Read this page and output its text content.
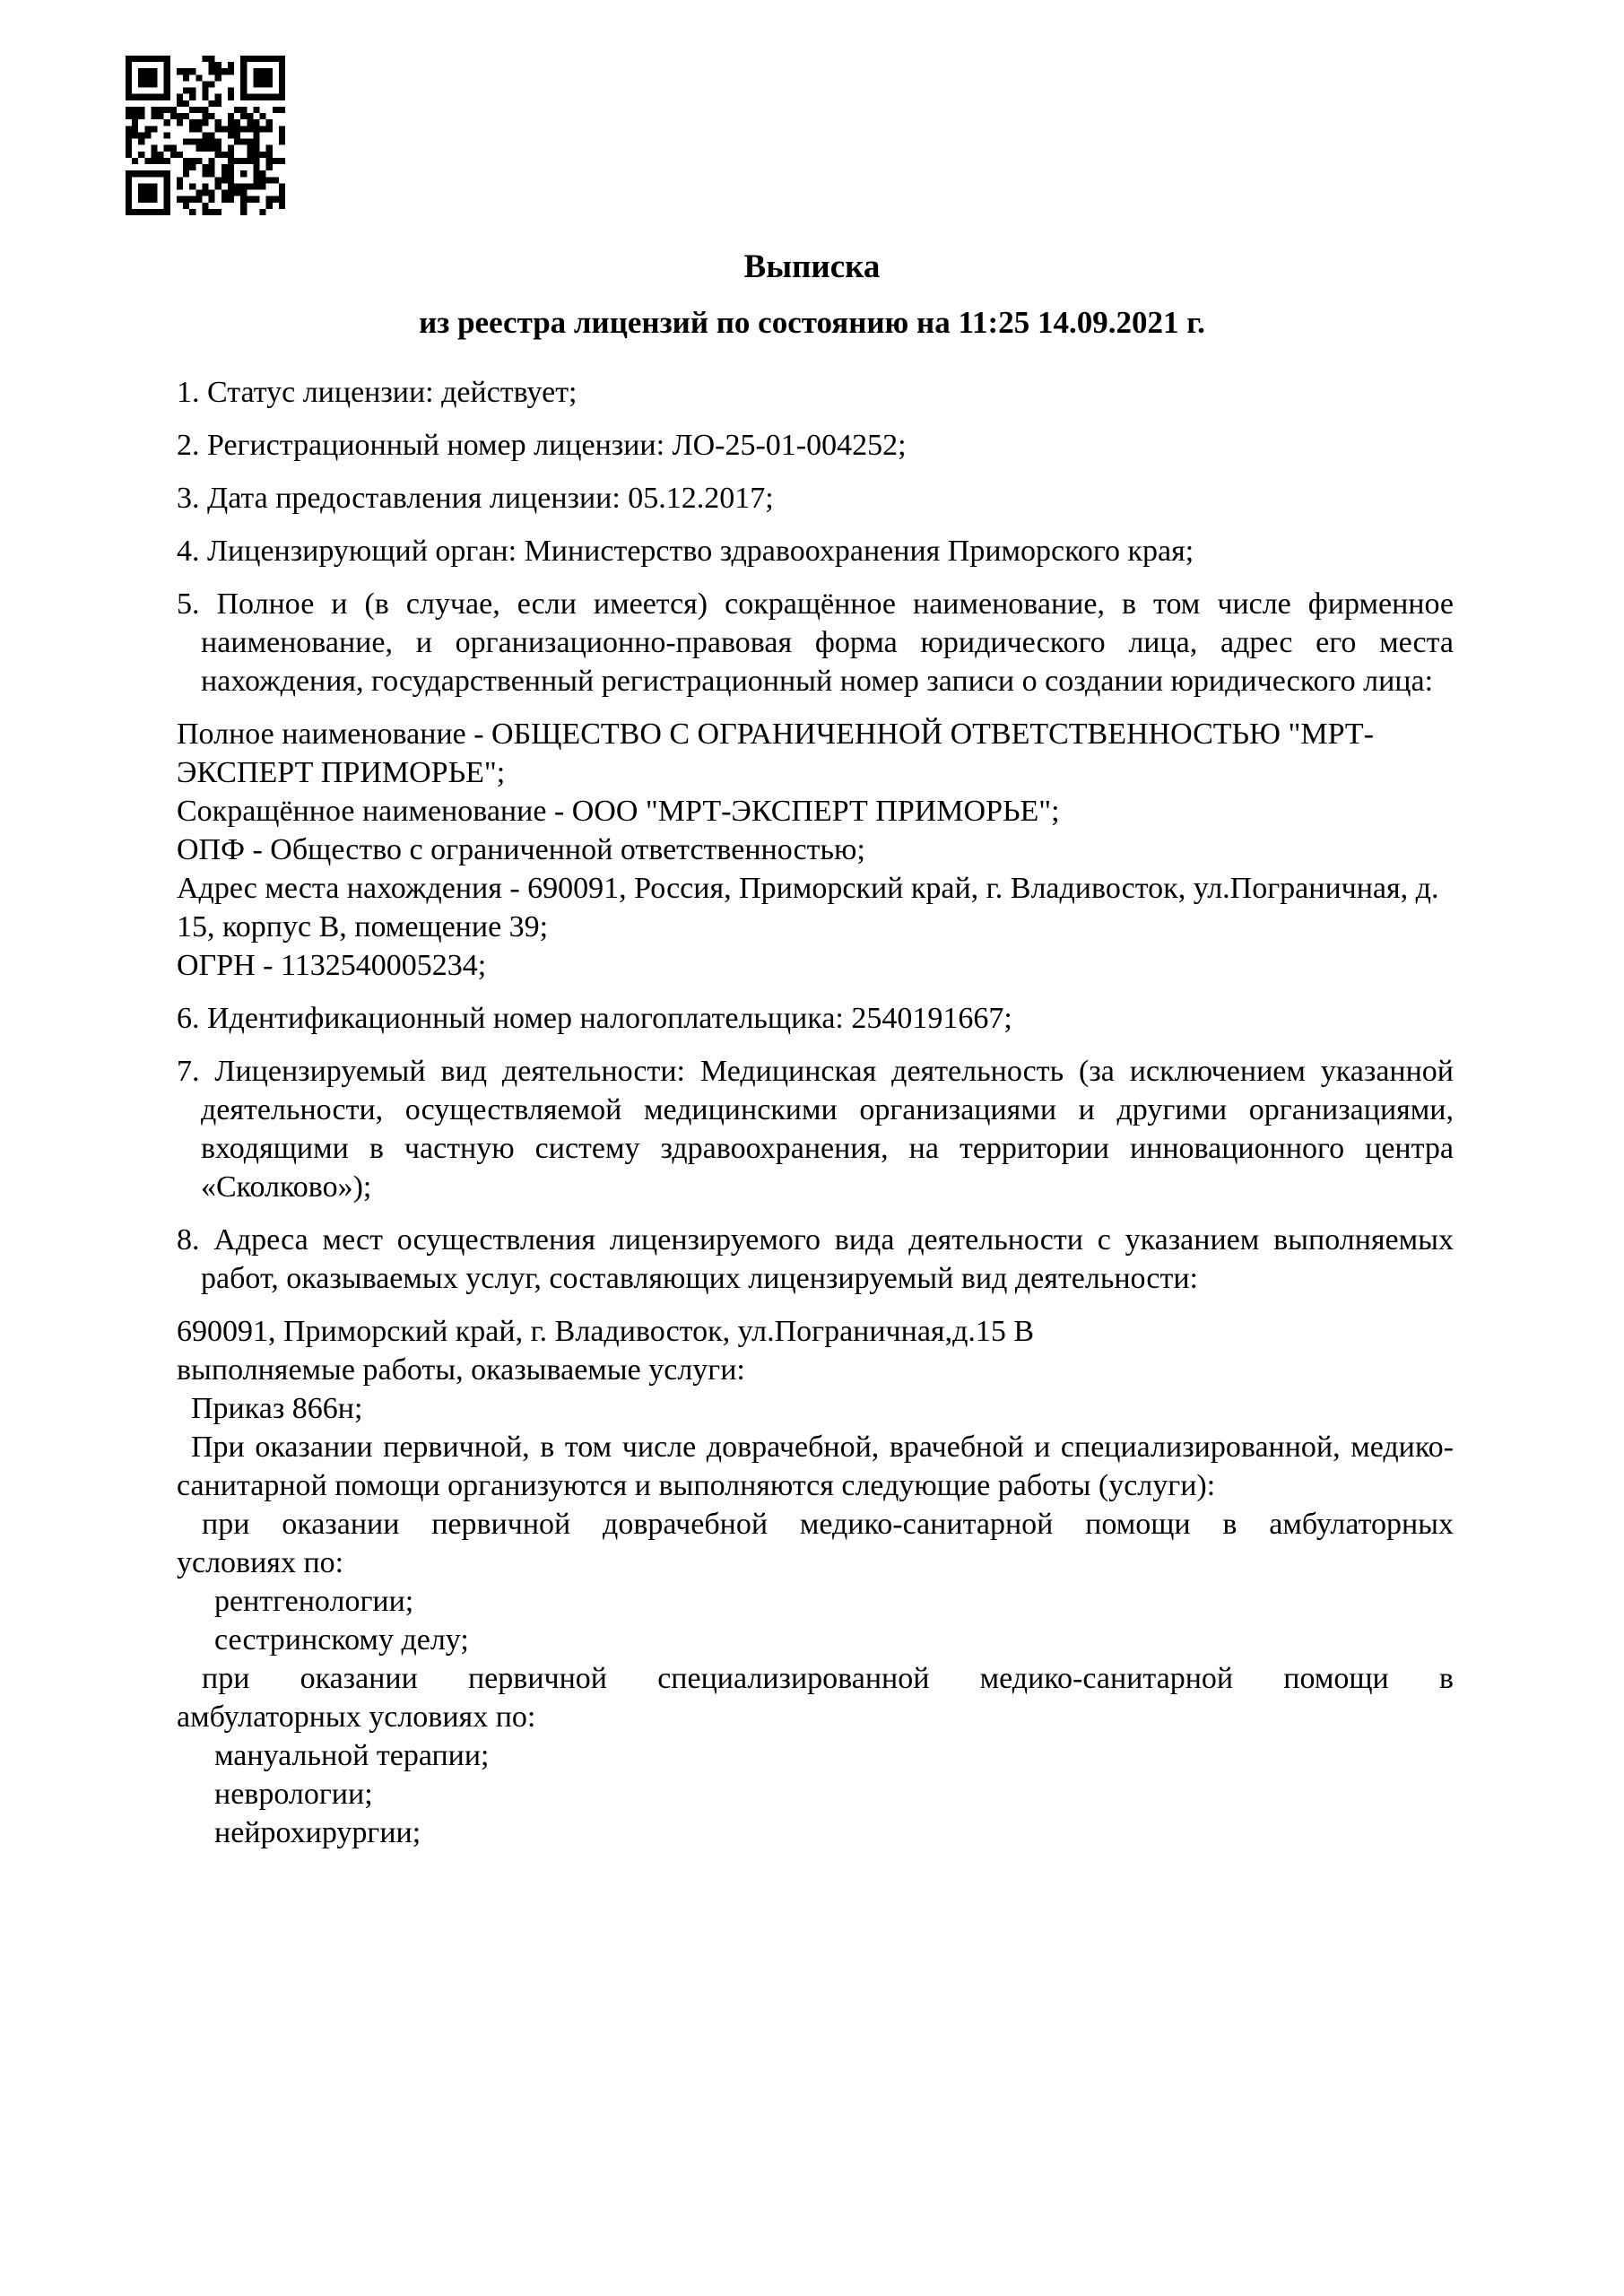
Выписка
из реестра лицензий по состоянию на 11:25 14.09.2021 г.

1. Статус лицензии: действует;

2. Регистрационный номер лицензии: ЛО-25-01-004252;

3. Дата предоставления лицензии: 05.12.2017;

4. Лицензирующий орган: Министерство здравоохранения Приморского края;

5. Полное и (в случае, если имеется) сокращённое наименование, в том числе фирменное наименование, и организационно-правовая форма юридического лица, адрес его места нахождения, государственный регистрационный номер записи о создании юридического лица:

Полное наименование - ОБЩЕСТВО С ОГРАНИЧЕННОЙ ОТВЕТСТВЕННОСТЬЮ "МРТ-ЭКСПЕРТ ПРИМОРЬЕ";

Сокращённое наименование - ООО "МРТ-ЭКСПЕРТ ПРИМОРЬЕ";

ОПФ - Общество с ограниченной ответственностью;

Адрес места нахождения - 690091, Россия, Приморский край, г. Владивосток, ул.Пограничная, д. 15, корпус В, помещение 39;

ОГРН - 1132540005234;

6. Идентификационный номер налогоплательщика: 2540191667;

7. Лицензируемый вид деятельности: Медицинская деятельность (за исключением указанной деятельности, осуществляемой медицинскими организациями и другими организациями, входящими в частную систему здравоохранения, на территории инновационного центра «Сколково»);

8. Адреса мест осуществления лицензируемого вида деятельности с указанием выполняемых работ, оказываемых услуг, составляющих лицензируемый вид деятельности:

690091, Приморский край, г. Владивосток, ул.Пограничная,д.15 В

выполняемые работы, оказываемые услуги:

Приказ 866н;

При оказании первичной, в том числе доврачебной, врачебной и специализированной, медико-санитарной помощи организуются и выполняются следующие работы (услуги):

при оказании первичной доврачебной медико-санитарной помощи в амбулаторных

условиях по:

рентгенологии;

сестринскому делу;

при оказании первичной специализированной медико-санитарной помощи в

амбулаторных условиях по:

мануальной терапии;

неврологии;

нейрохирургии;
